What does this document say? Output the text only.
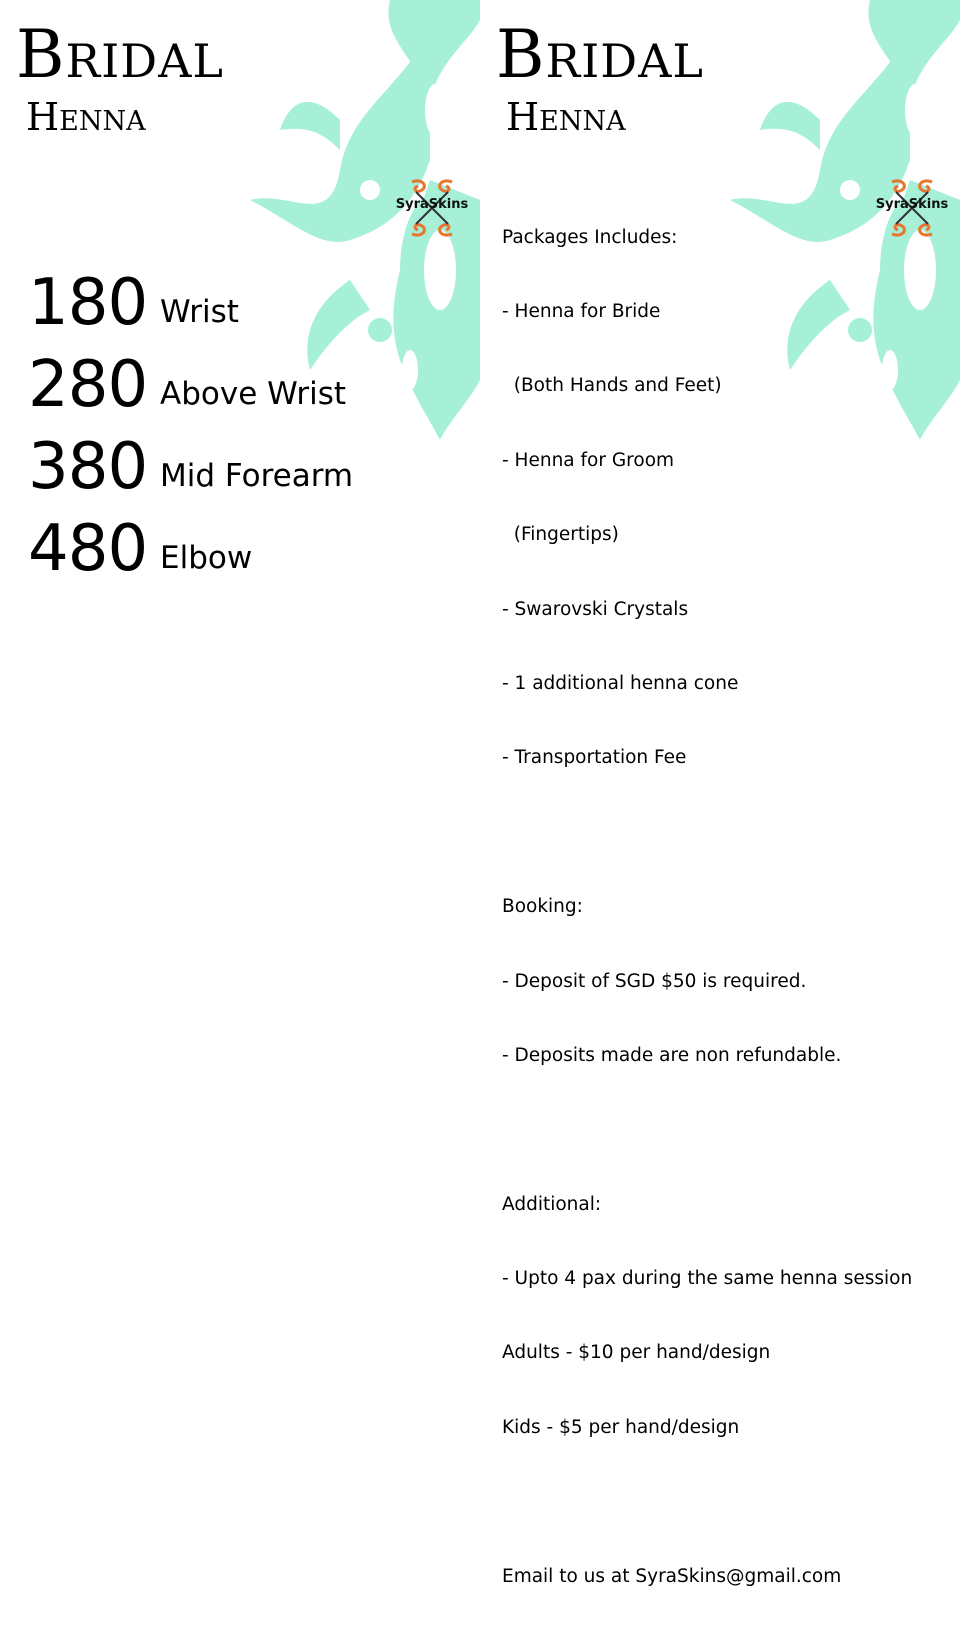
Bridal
Henna
SyraSkins
180 Wrist
280 Above Wrist
380 Mid Forearm
480 Elbow
Bridal
Henna
SyraSkins

Packages Includes:

- Henna for Bride

(Both Hands and Feet)

- Henna for Groom

(Fingertips)

- Swarovski Crystals

- 1 additional henna cone

- Transportation Fee

Booking:

- Deposit of SGD $50 is required.

- Deposits made are non refundable.

Additional:

- Upto 4 pax during the same henna session

Adults - $10 per hand/design

Kids - $5 per hand/design

Email to us at SyraSkins@gmail.com
